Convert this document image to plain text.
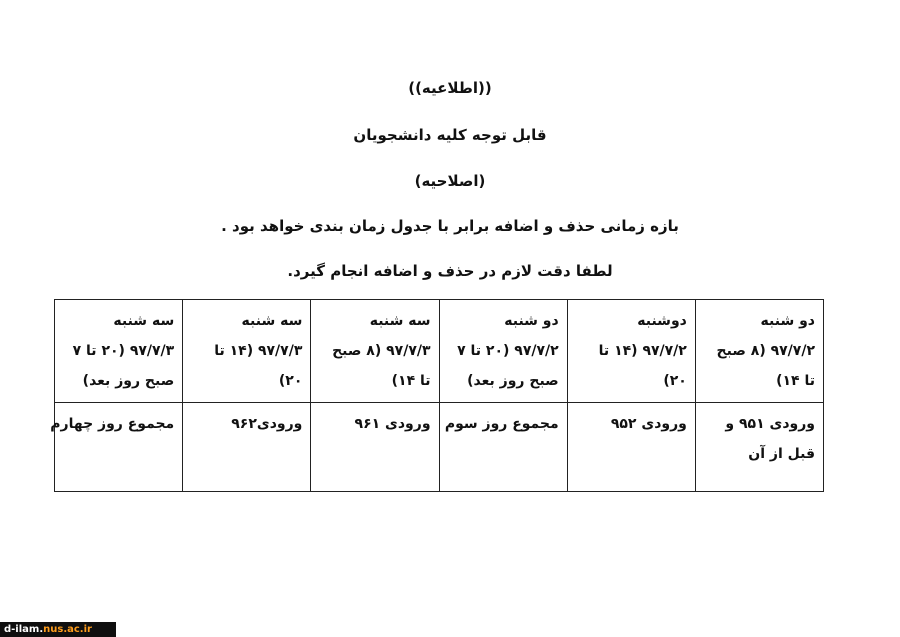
((اطلاعیه))
قابل توجه کلیه دانشجویان
(اصلاحیه)
بازه زمانی حذف و اضافه برابر با جدول زمان بندی خواهد بود .
لطفا دقت لازم در حذف و اضافه انجام گیرد.
دو شنبه
۹۷/۷/۲ (۸ صبح
تا ۱۴)	دوشنبه
۹۷/۷/۲ (۱۴ تا
۲۰)	دو شنبه
۹۷/۷/۲ (۲۰ تا ۷
صبح روز بعد)	سه شنبه
۹۷/۷/۳ (۸ صبح
تا ۱۴)	سه شنبه
۹۷/۷/۳ (۱۴ تا
۲۰)	سه شنبه
۹۷/۷/۳ (۲۰ تا ۷
صبح روز بعد)

ورودی ۹۵۱ و
قبل از آن	ورودی ۹۵۲	مجموع روز سوم	ورودی ۹۶۱	ورودی۹۶۲	مجموع روز چهارم
d-ilam.nus.ac.ir
